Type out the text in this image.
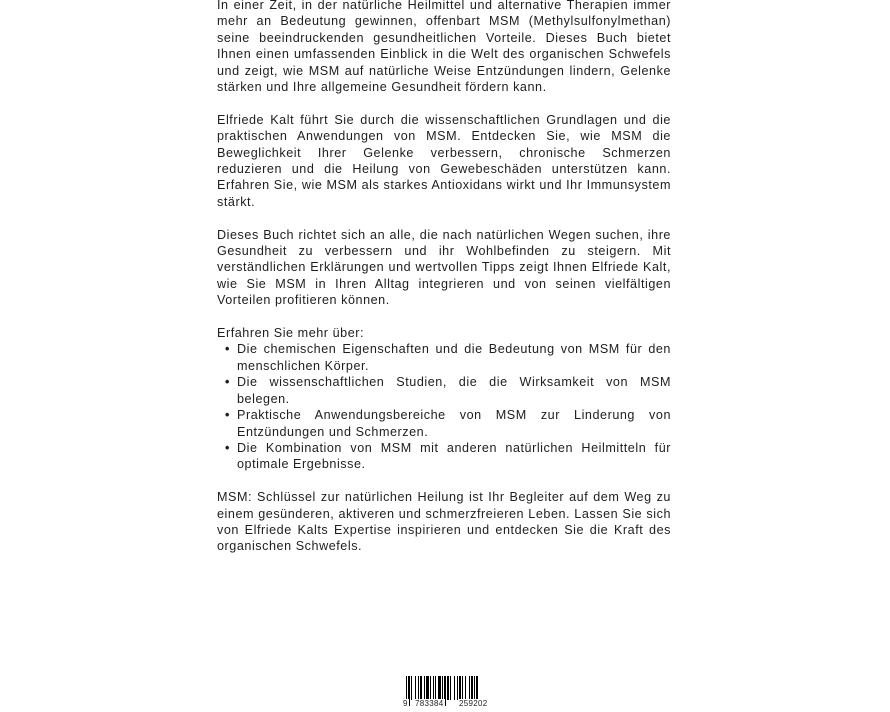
In einer Zeit, in der natürliche Heilmittel und alternative Therapien immer mehr an Bedeutung gewinnen, offenbart MSM (Methylsulfonylmethan) seine beeindruckenden gesundheitlichen Vorteile. Dieses Buch bietet Ihnen einen umfassenden Einblick in die Welt des organischen Schwefels und zeigt, wie MSM auf natürliche Weise Entzündungen lindern, Gelenke stärken und Ihre allgemeine Gesundheit fördern kann.

Elfriede Kalt führt Sie durch die wissenschaftlichen Grundlagen und die praktischen Anwendungen von MSM. Entdecken Sie, wie MSM die Beweglichkeit Ihrer Gelenke verbessern, chronische Schmerzen reduzieren und die Heilung von Gewebeschäden unterstützen kann. Erfahren Sie, wie MSM als starkes Antioxidans wirkt und Ihr Immunsystem stärkt.

Dieses Buch richtet sich an alle, die nach natürlichen Wegen suchen, ihre Gesundheit zu verbessern und ihr Wohlbefinden zu steigern. Mit verständlichen Erklärungen und wertvollen Tipps zeigt Ihnen Elfriede Kalt, wie Sie MSM in Ihren Alltag integrieren und von seinen vielfältigen Vorteilen profitieren können.

Erfahren Sie mehr über:

• Die chemischen Eigenschaften und die Bedeutung von MSM für den menschlichen Körper.
• Die wissenschaftlichen Studien, die die Wirksamkeit von MSM belegen.
• Praktische Anwendungsbereiche von MSM zur Linderung von Entzündungen und Schmerzen.
• Die Kombination von MSM mit anderen natürlichen Heilmitteln für optimale Ergebnisse.

MSM: Schlüssel zur natürlichen Heilung ist Ihr Begleiter auf dem Weg zu einem gesünderen, aktiveren und schmerzfreieren Leben. Lassen Sie sich von Elfriede Kalts Expertise inspirieren und entdecken Sie die Kraft des organischen Schwefels.

9 783384 259202
